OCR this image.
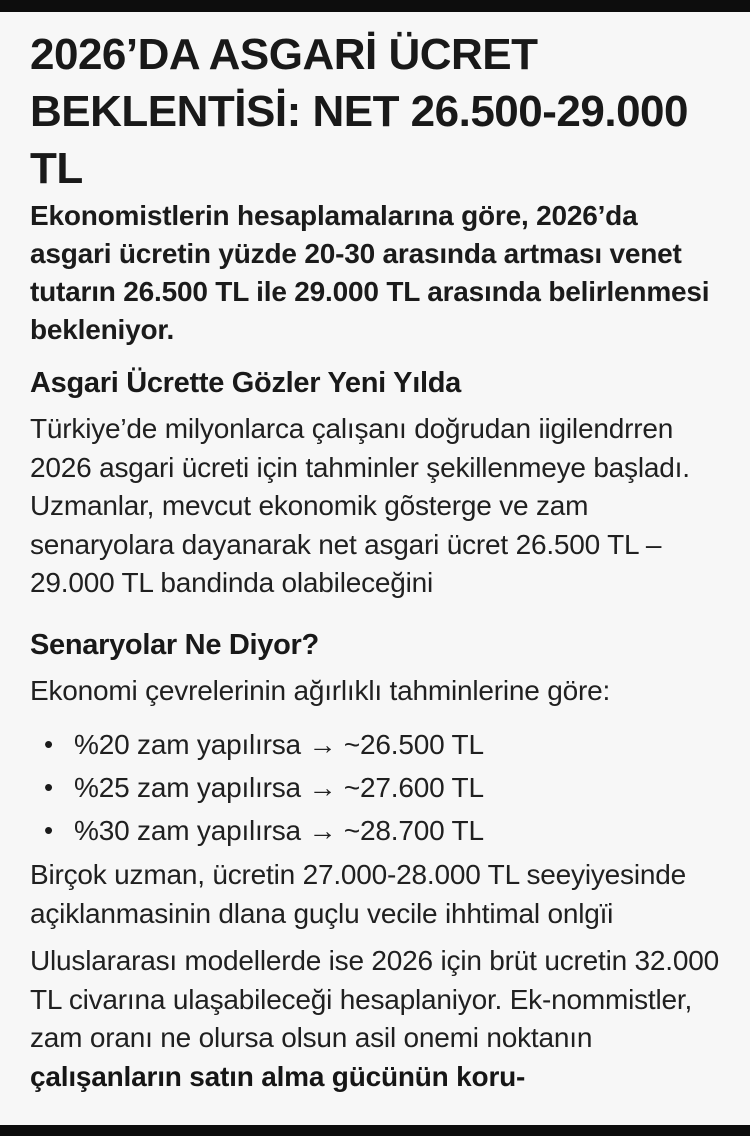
2026’DA ASGARİ ÜCRET BEKLENTİSİ: NET 26.500-29.000 TL

Ekonomistlerin hesaplamalarına göre, 2026’da asgari ücretin yüzde 20-30 arasında artması venet tutarın 26.500 TL ile 29.000 TL arasında belirlenmesi bekleniyor.

Asgari Ücrette Gözler Yeni Yılda

Türkiye’de milyonlarca çalışanı doğrudan iigilendrren 2026 asgari ücreti için tahminler şekillenmeye başladı. Uzmanlar, mevcut ekonomik gõsterge ve zam senaryolara dayanarak net asgari ücret 26.500 TL – 29.000 TL bandinda olabileceğini

Senaryolar Ne Diyor?

Ekonomi çevrelerinin ağırlıklı tahminlerine göre:

• %20 zam yapılırsa → ~26.500 TL
• %25 zam yapılırsa → ~27.600 TL
• %30 zam yapılırsa → ~28.700 TL

Birçok uzman, ücretin 27.000-28.000 TL seeyiyesinde açiklanmasinin dlana guçlu vecile ihhtimal onlgïi

Uluslararası modellerde ise 2026 için brüt ucretin 32.000 TL civarına ulaşabileceği hesaplaniyor. Ek-nommistler, zam oranı ne olursa olsun asil onemi noktanın çalışanların satın alma gücünün koru-
